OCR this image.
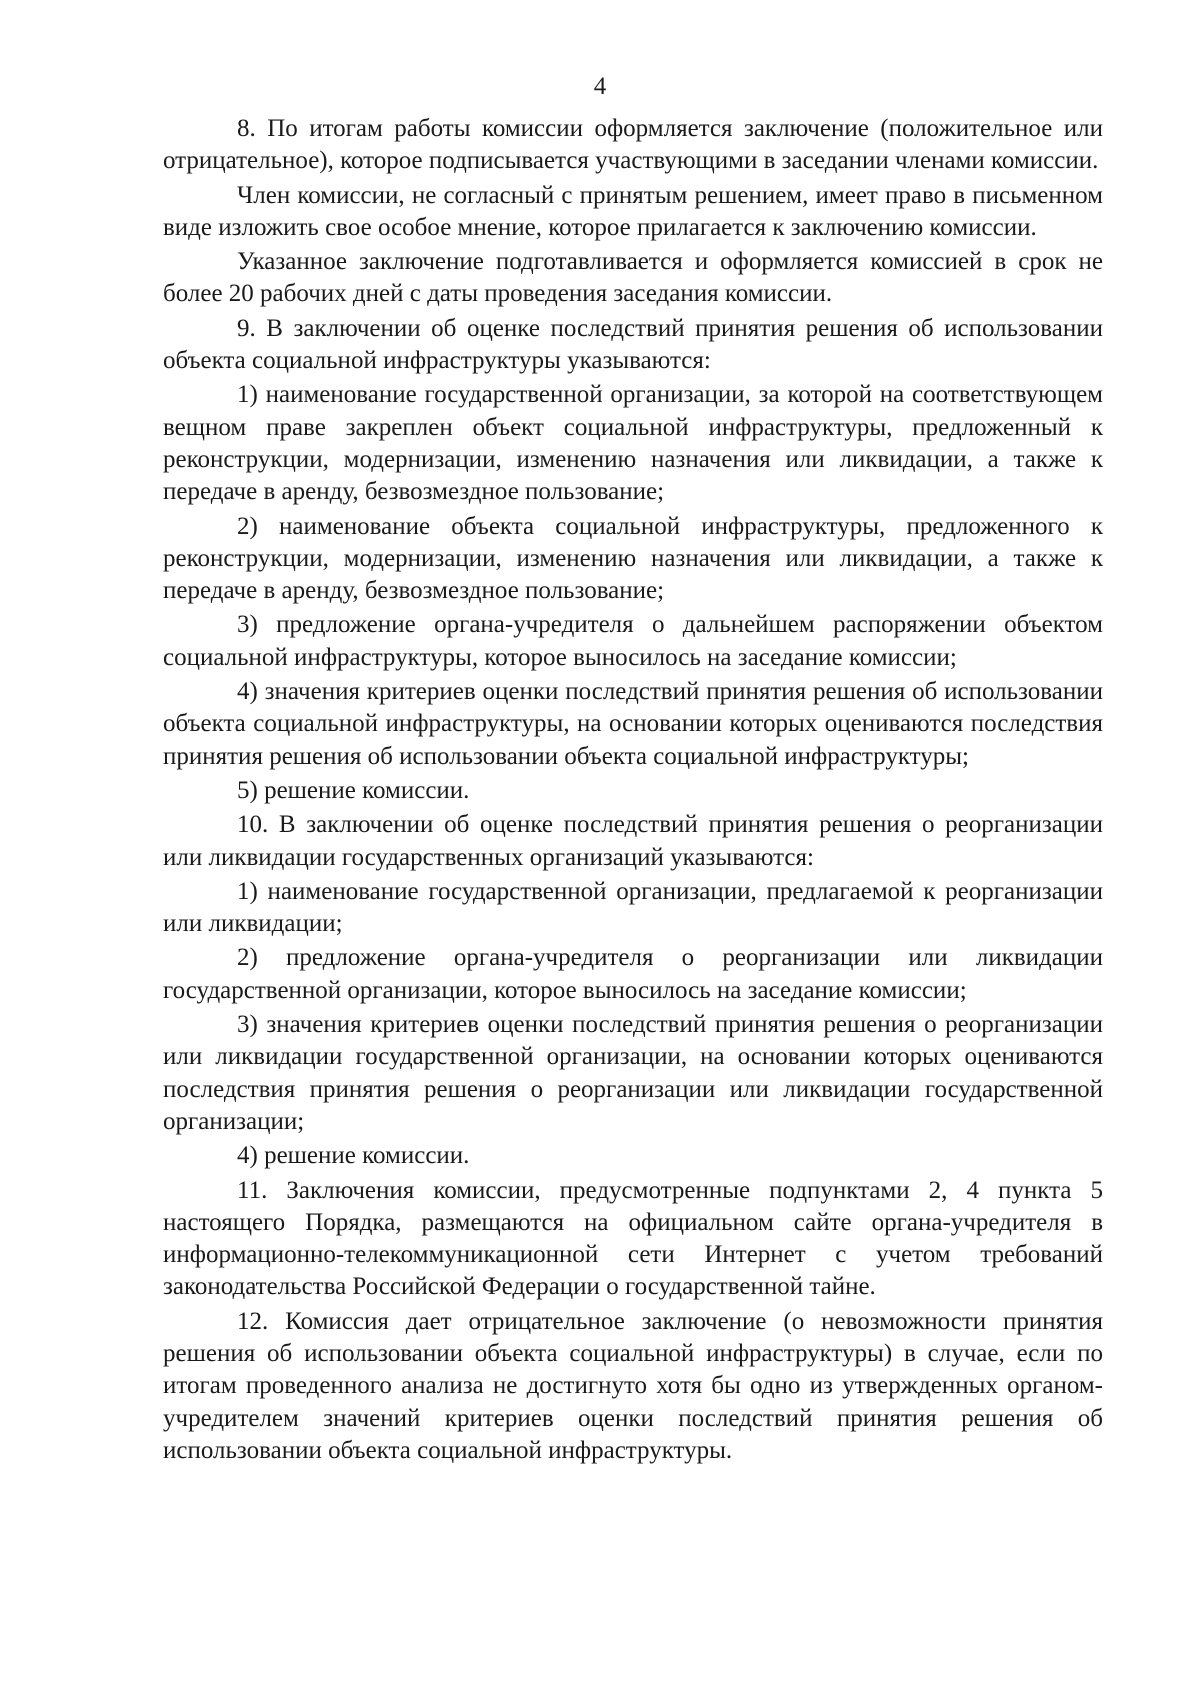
4

8. По итогам работы комиссии оформляется заключение (положительное или отрицательное), которое подписывается участвующими в заседании членами комиссии.

Член комиссии, не согласный с принятым решением, имеет право в письменном виде изложить свое особое мнение, которое прилагается к заключению комиссии.

Указанное заключение подготавливается и оформляется комиссией в срок не более 20 рабочих дней с даты проведения заседания комиссии.

9. В заключении об оценке последствий принятия решения об использовании объекта социальной инфраструктуры указываются:

1) наименование государственной организации, за которой на соответствующем вещном праве закреплен объект социальной инфраструктуры, предложенный к реконструкции, модернизации, изменению назначения или ликвидации, а также к передаче в аренду, безвозмездное пользование;

2) наименование объекта социальной инфраструктуры, предложенного к реконструкции, модернизации, изменению назначения или ликвидации, а также к передаче в аренду, безвозмездное пользование;

3) предложение органа-учредителя о дальнейшем распоряжении объектом социальной инфраструктуры, которое выносилось на заседание комиссии;

4) значения критериев оценки последствий принятия решения об использовании объекта социальной инфраструктуры, на основании которых оцениваются последствия принятия решения об использовании объекта социальной инфраструктуры;

5) решение комиссии.

10. В заключении об оценке последствий принятия решения о реорганизации или ликвидации государственных организаций указываются:

1) наименование государственной организации, предлагаемой к реорганизации или ликвидации;

2) предложение органа-учредителя о реорганизации или ликвидации государственной организации, которое выносилось на заседание комиссии;

3) значения критериев оценки последствий принятия решения о реорганизации или ликвидации государственной организации, на основании которых оцениваются последствия принятия решения о реорганизации или ликвидации государственной организации;

4) решение комиссии.

11. Заключения комиссии, предусмотренные подпунктами 2, 4 пункта 5 настоящего Порядка, размещаются на официальном сайте органа-учредителя в информационно-телекоммуникационной сети Интернет с учетом требований законодательства Российской Федерации о государственной тайне.

12. Комиссия дает отрицательное заключение (о невозможности принятия решения об использовании объекта социальной инфраструктуры) в случае, если по итогам проведенного анализа не достигнуто хотя бы одно из утвержденных органом-учредителем значений критериев оценки последствий принятия решения об использовании объекта социальной инфраструктуры.
